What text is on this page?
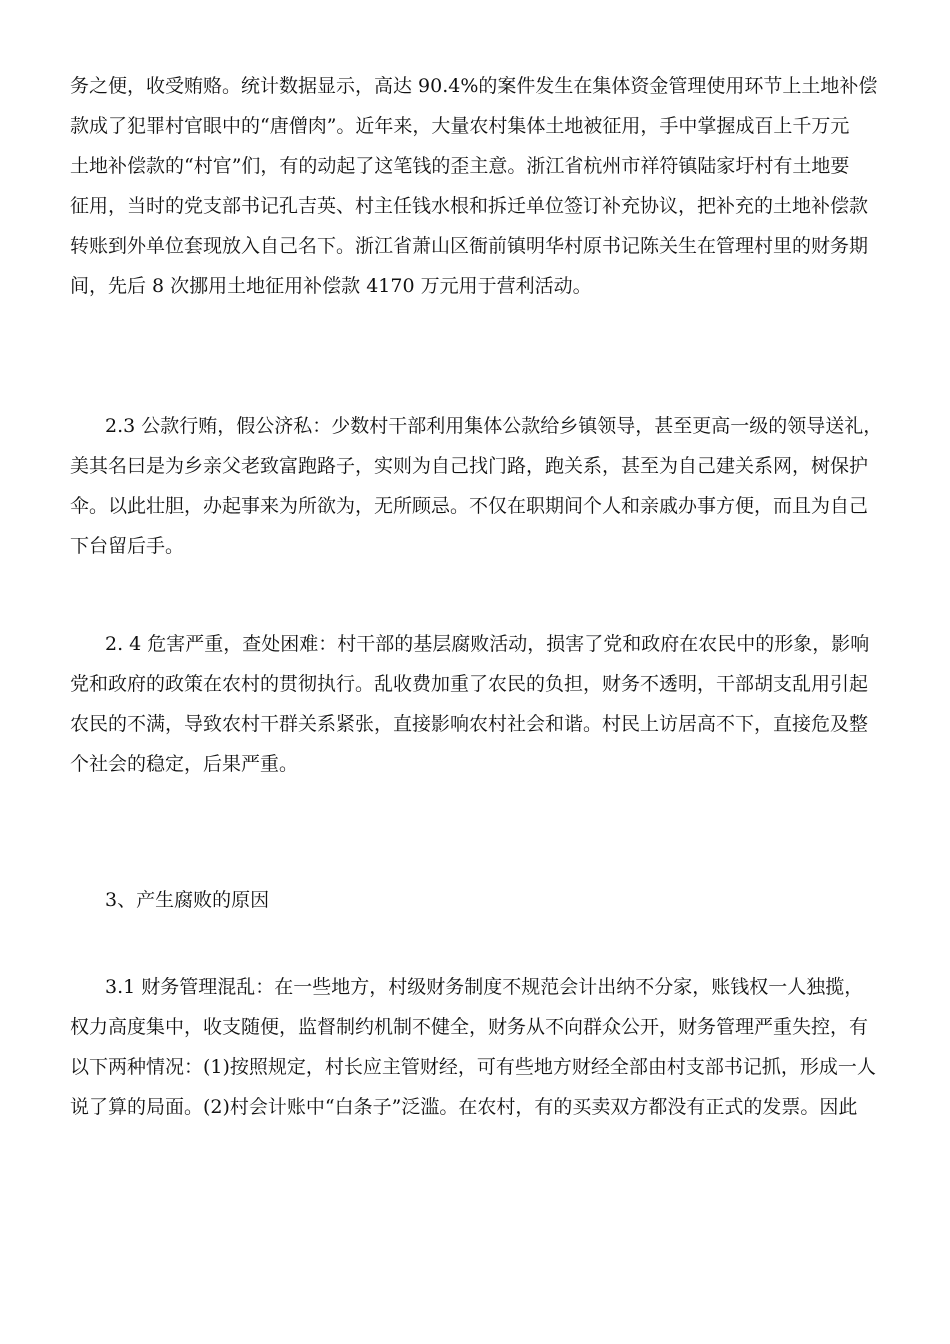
务之便，收受贿赂。统计数据显示，高达 90.4%的案件发生在集体资金管理使用环节上土地补偿
款成了犯罪村官眼中的“唐僧肉”。近年来，大量农村集体土地被征用，手中掌握成百上千万元
土地补偿款的“村官”们，有的动起了这笔钱的歪主意。浙江省杭州市祥符镇陆家圩村有土地要
征用，当时的党支部书记孔吉英、村主任钱水根和拆迁单位签订补充协议，把补充的土地补偿款
转账到外单位套现放入自己名下。浙江省萧山区衙前镇明华村原书记陈关生在管理村里的财务期
间，先后 8 次挪用土地征用补偿款 4170 万元用于营利活动。
2.3 公款行贿，假公济私：少数村干部利用集体公款给乡镇领导，甚至更高一级的领导送礼，
美其名曰是为乡亲父老致富跑路子，实则为自己找门路，跑关系，甚至为自己建关系网，树保护
伞。以此壮胆，办起事来为所欲为，无所顾忌。不仅在职期间个人和亲戚办事方便，而且为自己
下台留后手。
2. 4 危害严重，查处困难：村干部的基层腐败活动，损害了党和政府在农民中的形象，影响
党和政府的政策在农村的贯彻执行。乱收费加重了农民的负担，财务不透明，干部胡支乱用引起
农民的不满，导致农村干群关系紧张，直接影响农村社会和谐。村民上访居高不下，直接危及整
个社会的稳定，后果严重。
3、产生腐败的原因
3.1 财务管理混乱：在一些地方，村级财务制度不规范会计出纳不分家，账钱权一人独揽，
权力高度集中，收支随便，监督制约机制不健全，财务从不向群众公开，财务管理严重失控，有
以下两种情况：(1)按照规定，村长应主管财经，可有些地方财经全部由村支部书记抓，形成一人
说了算的局面。(2)村会计账中“白条子”泛滥。在农村，有的买卖双方都没有正式的发票。因此
